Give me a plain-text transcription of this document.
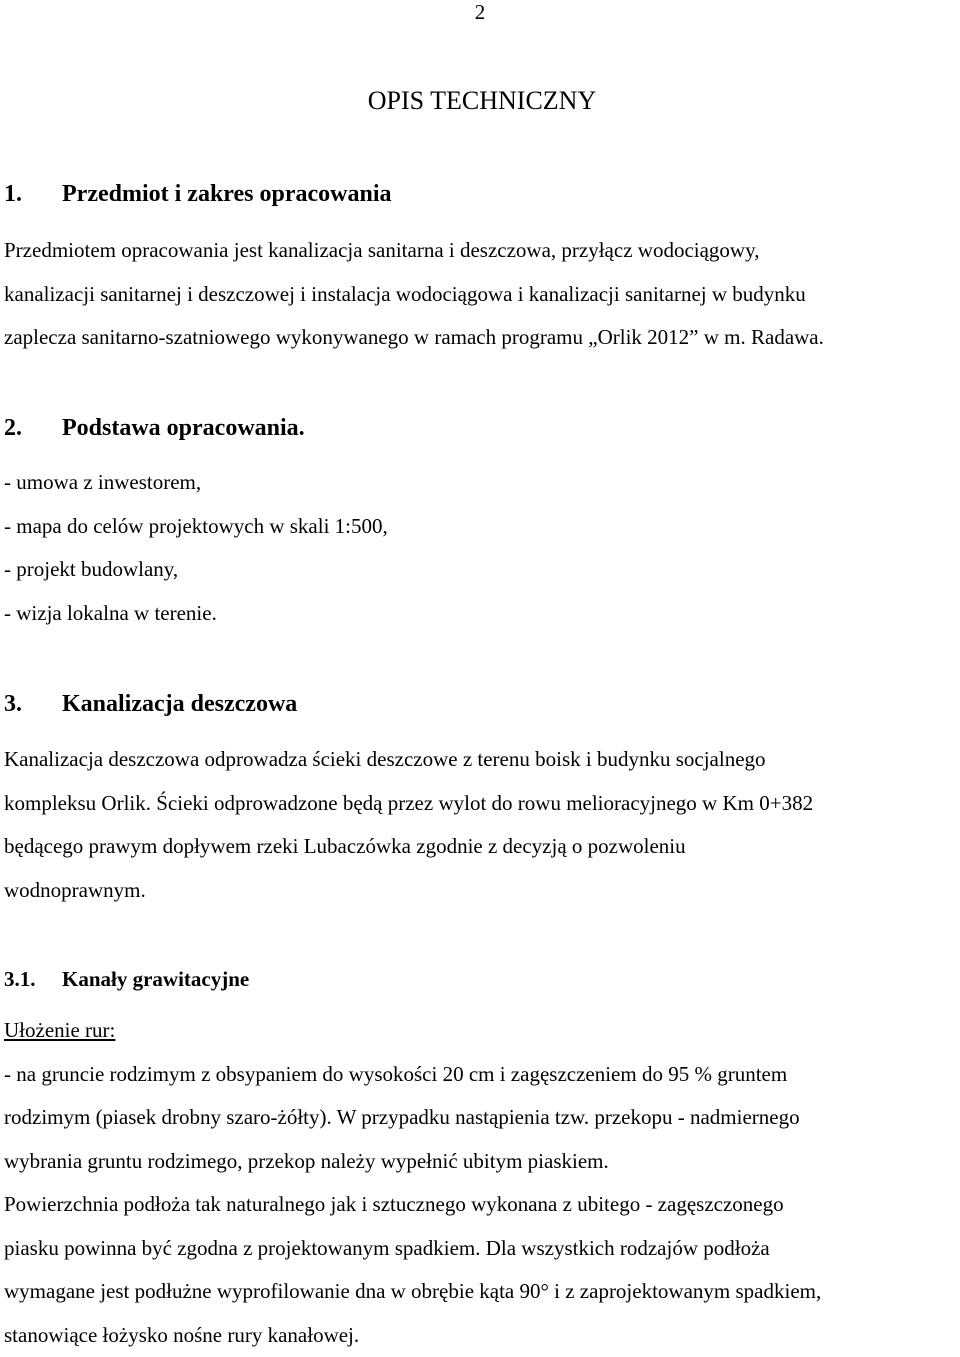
2
OPIS TECHNICZNY
1. Przedmiot i zakres opracowania

Przedmiotem opracowania jest kanalizacja sanitarna i deszczowa, przyłącz wodociągowy,
kanalizacji sanitarnej i deszczowej i instalacja wodociągowa i kanalizacji sanitarnej w budynku
zaplecza sanitarno-szatniowego wykonywanego w ramach programu „Orlik 2012” w m. Radawa.

2. Podstawa opracowania.

- umowa z inwestorem,
- mapa do celów projektowych w skali 1:500,
- projekt budowlany,
- wizja lokalna w terenie.

3. Kanalizacja deszczowa

Kanalizacja deszczowa odprowadza ścieki deszczowe z terenu boisk i budynku socjalnego
kompleksu Orlik. Ścieki odprowadzone będą przez wylot do rowu melioracyjnego w Km 0+382
będącego prawym dopływem rzeki Lubaczówka zgodnie z decyzją o pozwoleniu
wodnoprawnym.

3.1. Kanały grawitacyjne

Ułożenie rur:
- na gruncie rodzimym z obsypaniem do wysokości 20 cm i zagęszczeniem do 95 % gruntem
rodzimym (piasek drobny szaro-żółty). W przypadku nastąpienia tzw. przekopu - nadmiernego
wybrania gruntu rodzimego, przekop należy wypełnić ubitym piaskiem.
Powierzchnia podłoża tak naturalnego jak i sztucznego wykonana z ubitego - zagęszczonego
piasku powinna być zgodna z projektowanym spadkiem. Dla wszystkich rodzajów podłoża
wymagane jest podłużne wyprofilowanie dna w obrębie kąta 90° i z zaprojektowanym spadkiem,
stanowiące łożysko nośne rury kanałowej.
